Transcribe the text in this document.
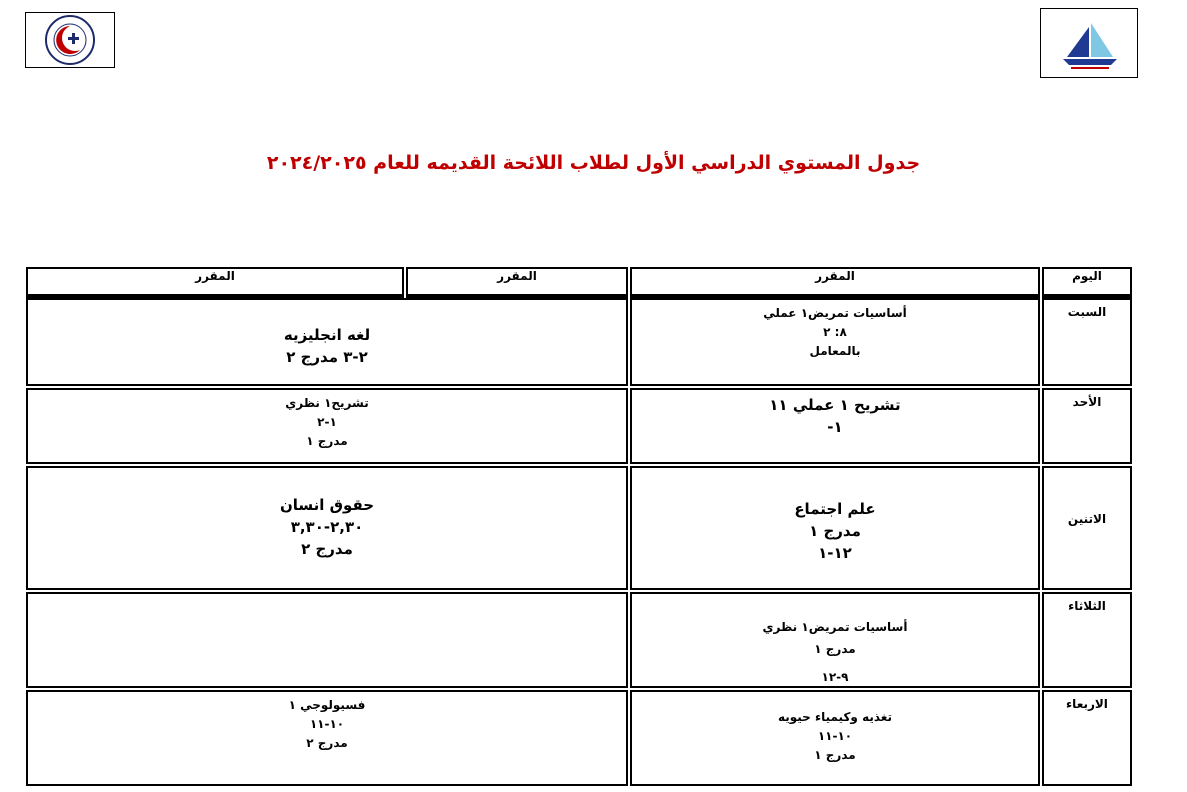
جدول المستوي الدراسي الأول لطلاب اللائحة القديمه للعام ٢٠٢٤/٢٠٢٥
اليوم
المقرر
المقرر
المقرر
السبت
أساسيات تمريض١ عملي
٨: ٢
بالمعامل
لغه انجليزيه
٢-٣ مدرج ٢
الأحد
تشريح ١ عملي ١١
١-
تشريح١ نظري
١-٢
مدرج ١
الاتنين
علم اجتماع
مدرج ١
١٢-١
حقوق انسان
٢,٣٠-٣,٣٠
مدرج ٢
الثلاثاء
أساسيات تمريض١ نظري
مدرج ١
٩-١٢
الاربعاء
تغذيه وكيمياء حيويه
١٠-١١
مدرج ١
فسيولوجي ١
١٠-١١
مدرج ٢
